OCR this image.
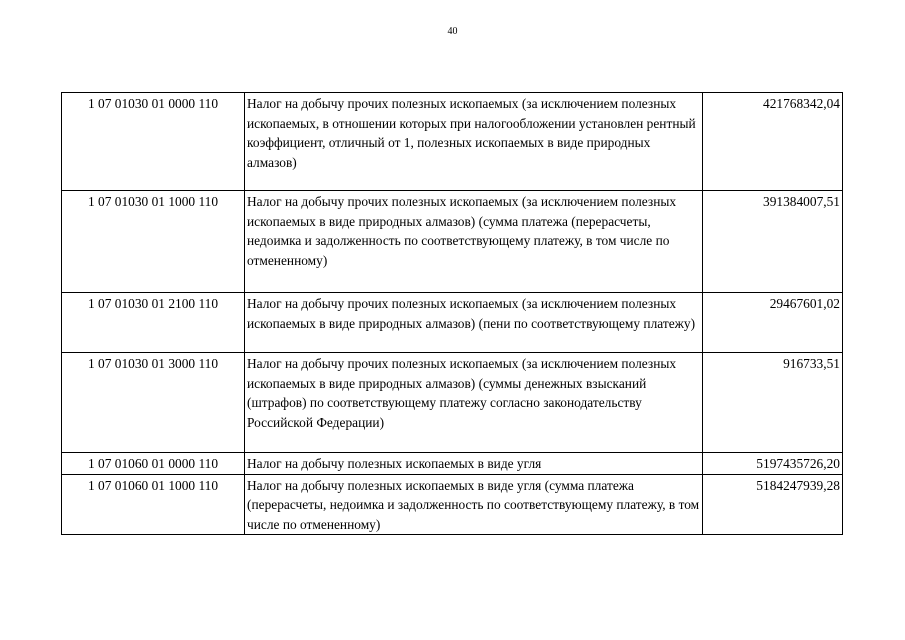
40
1 07 01030 01 0000 110	Налог на добычу прочих полезных ископаемых (за исключением полезных ископаемых, в отношении которых при налогообложении установлен рентный коэффициент, отличный от 1, полезных ископаемых в виде природных алмазов)	421768342,04
1 07 01030 01 1000 110	Налог на добычу прочих полезных ископаемых (за исключением полезных ископаемых в виде природных алмазов) (сумма платежа (перерасчеты, недоимка и задолженность по соответствующему платежу, в том числе по отмененному)	391384007,51
1 07 01030 01 2100 110	Налог на добычу прочих полезных ископаемых (за исключением полезных ископаемых в виде природных алмазов) (пени по соответствующему платежу)	29467601,02
1 07 01030 01 3000 110	Налог на добычу прочих полезных ископаемых (за исключением полезных ископаемых в виде природных алмазов) (суммы денежных взысканий (штрафов) по соответствующему платежу согласно законодательству Российской Федерации)	916733,51
1 07 01060 01 0000 110	Налог на добычу полезных ископаемых в виде угля	5197435726,20
1 07 01060 01 1000 110	Налог на добычу полезных ископаемых в виде угля (сумма платежа (перерасчеты, недоимка и задолженность по соответствующему платежу, в том числе по отмененному)	5184247939,28
